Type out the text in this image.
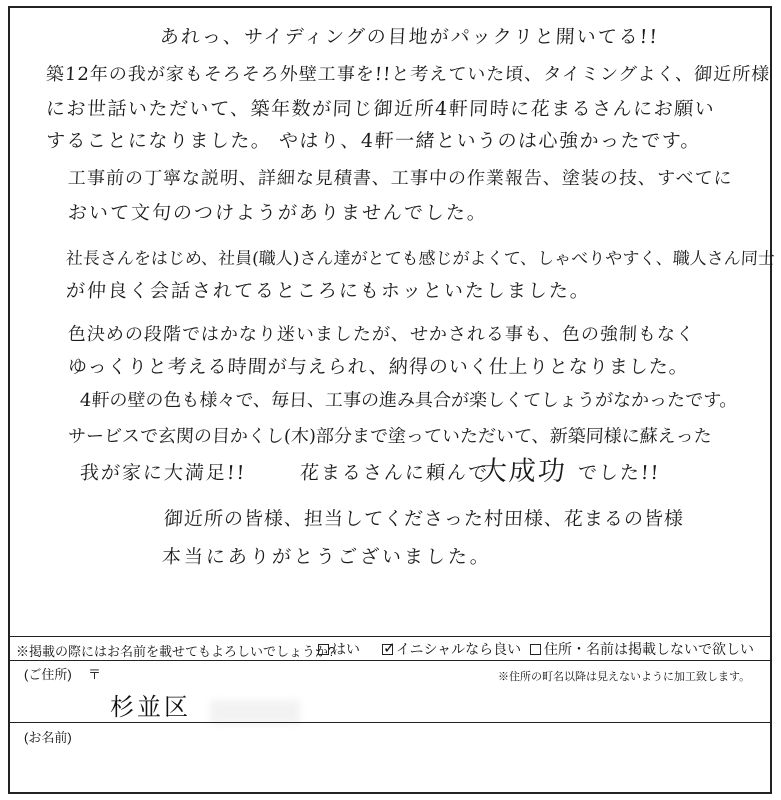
あれっ、サイディングの目地がパックリと開いてる!!
築12年の我が家もそろそろ外壁工事を!!と考えていた頃、タイミングよく、御近所様
にお世話いただいて、築年数が同じ御近所4軒同時に花まるさんにお願い
することになりました。 やはり、4軒一緒というのは心強かったです。
工事前の丁寧な説明、詳細な見積書、工事中の作業報告、塗装の技、すべてに
おいて文句のつけようがありませんでした。
社長さんをはじめ、社員(職人)さん達がとても感じがよくて、しゃべりやすく、職人さん同士
が仲良く会話されてるところにもホッといたしました。
色決めの段階ではかなり迷いましたが、せかされる事も、色の強制もなく
ゆっくりと考える時間が与えられ、納得のいく仕上りとなりました。
4軒の壁の色も様々で、毎日、工事の進み具合が楽しくてしょうがなかったです。
サービスで玄関の目かくし(木)部分まで塗っていただいて、新築同様に蘇えった
我が家に大満足!!	花まるさんに頼んで
大成功 でした!!
御近所の皆様、担当してくださった村田様、花まるの皆様
本当にありがとうございました。
※掲載の際にはお名前を載せてもよろしいでしょうか?
はい
✓	イニシャルなら良い 住所・名前は掲載しないで欲しい
(ご住所) 〒	※住所の町名以降は見えないように加工致します。
杉並区
(お名前)
